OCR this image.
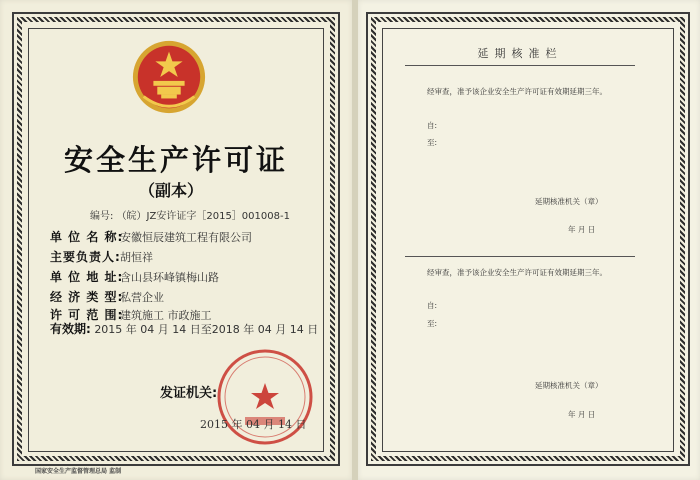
安全生产许可证
（副本）
编号: （皖）JZ安许证字［2015］001008-1
单 位 名 称:安徽恒辰建筑工程有限公司
主要负责人:胡恒祥
单 位 地 址:含山县环峰镇梅山路
经 济 类 型:私营企业
许 可 范 围:建筑施工 市政施工
有效期: 2015 年 04 月 14 日至2018 年 04 月 14 日
发证机关:
2015 年 04 月 14 日
国家安全生产监督管理总局 监制
延期核准栏
经审查，准予该企业安全生产许可证有效期延期三年。
自:
至:
延期核准机关（章）
年 月 日
经审查，准予该企业安全生产许可证有效期延期三年。
自:
至:
延期核准机关（章）
年 月 日
